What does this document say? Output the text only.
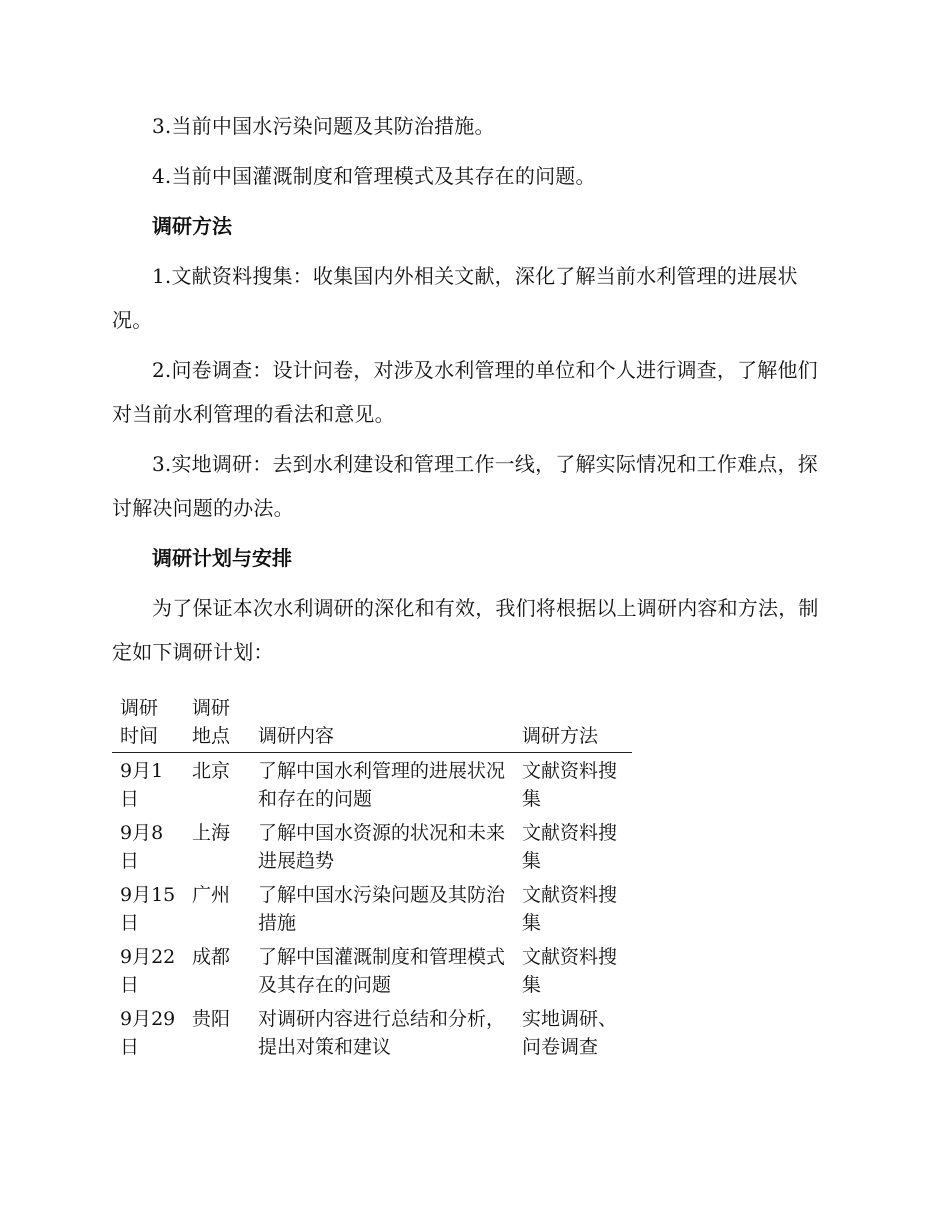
3.当前中国水污染问题及其防治措施。

4.当前中国灌溉制度和管理模式及其存在的问题。

调研方法

1.文献资料搜集：收集国内外相关文献，深化了解当前水利管理的进展状况。

2.问卷调查：设计问卷，对涉及水利管理的单位和个人进行调查，了解他们对当前水利管理的看法和意见。

3.实地调研：去到水利建设和管理工作一线，了解实际情况和工作难点，探讨解决问题的办法。

调研计划与安排

为了保证本次水利调研的深化和有效，我们将根据以上调研内容和方法，制定如下调研计划：

调研时间	调研地点	调研内容	调研方法
9月1日	北京	了解中国水利管理的进展状况和存在的问题	文献资料搜集
9月8日	上海	了解中国水资源的状况和未来进展趋势	文献资料搜集
9月15日	广州	了解中国水污染问题及其防治措施	文献资料搜集
9月22日	成都	了解中国灌溉制度和管理模式及其存在的问题	文献资料搜集
9月29日	贵阳	对调研内容进行总结和分析，提出对策和建议	实地调研、问卷调查
